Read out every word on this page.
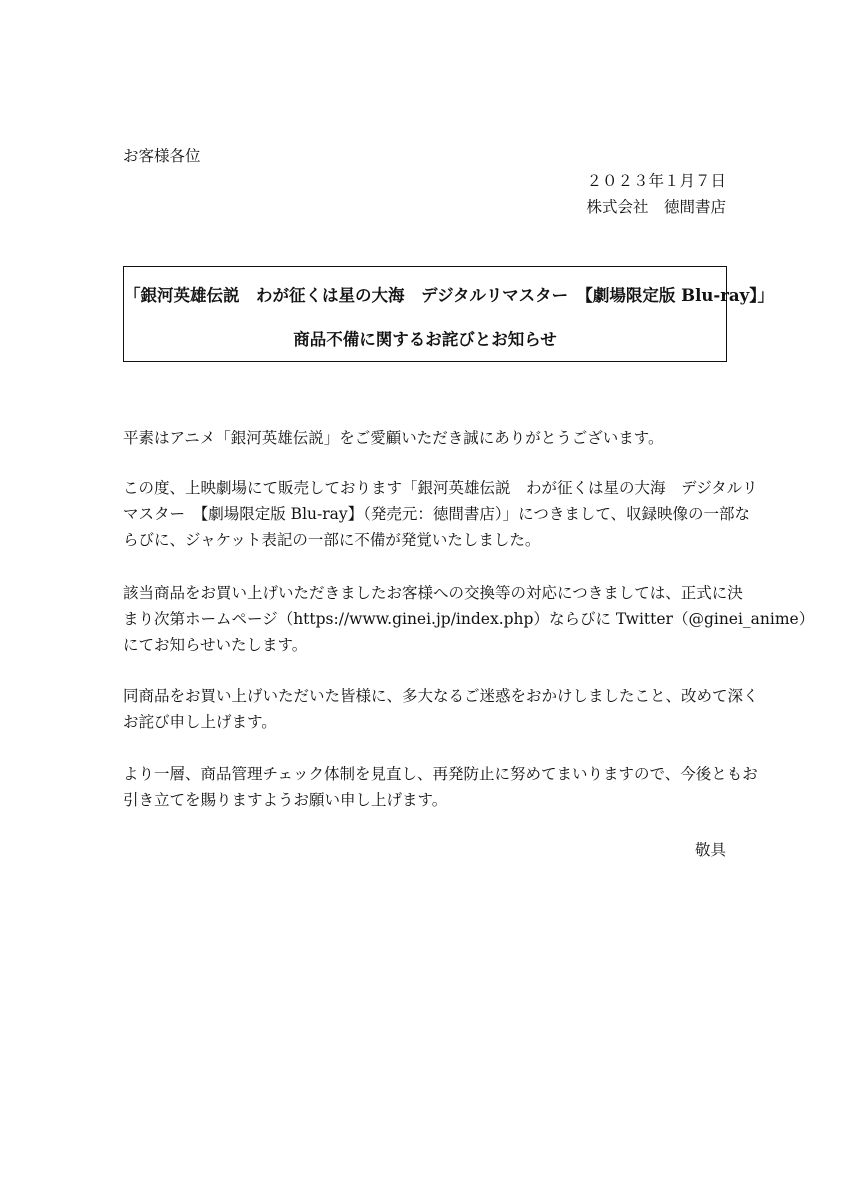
お客様各位
２０２３年１月７日
株式会社　徳間書店
「銀河英雄伝説　わが征くは星の大海　デジタルリマスター　【劇場限定版 Blu-ray】」
商品不備に関するお詫びとお知らせ
平素はアニメ「銀河英雄伝説」をご愛顧いただき誠にありがとうございます。
この度、上映劇場にて販売しております「銀河英雄伝説　わが征くは星の大海　デジタルリ
マスター　【劇場限定版 Blu-ray】（発売元：徳間書店）」につきまして、収録映像の一部な
らびに、ジャケット表記の一部に不備が発覚いたしました。
該当商品をお買い上げいただきましたお客様への交換等の対応につきましては、正式に決
まり次第ホームページ（https://www.ginei.jp/index.php）ならびに Twitter（@ginei_anime）
にてお知らせいたします。
同商品をお買い上げいただいた皆様に、多大なるご迷惑をおかけしましたこと、改めて深く
お詫び申し上げます。
より一層、商品管理チェック体制を見直し、再発防止に努めてまいりますので、今後ともお
引き立てを賜りますようお願い申し上げます。
敬具
